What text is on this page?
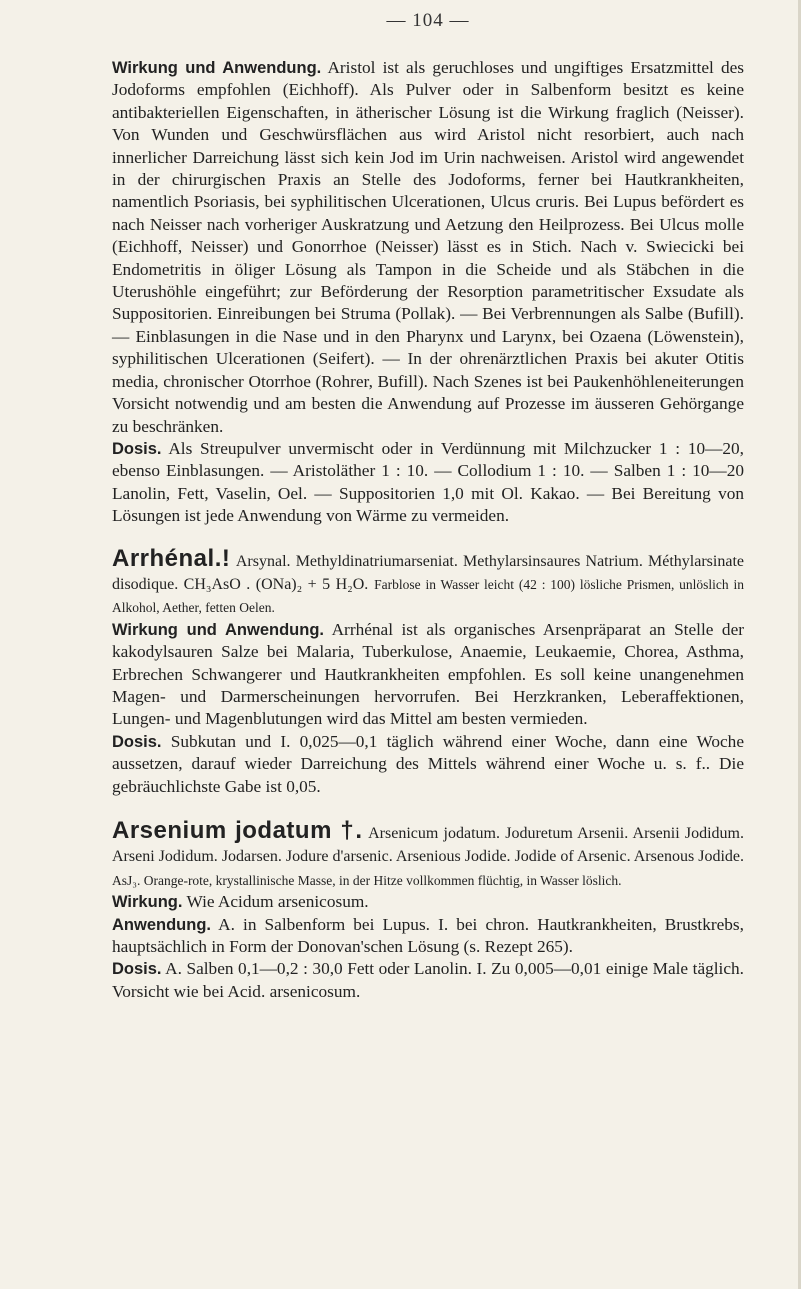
— 104 —

Wirkung und Anwendung. Aristol ist als geruchloses und ungiftiges Ersatzmittel des Jodoforms empfohlen (Eichhoff). Als Pulver oder in Salbenform besitzt es keine antibakteriellen Eigenschaften, in ätherischer Lösung ist die Wirkung fraglich (Neisser). Von Wunden und Geschwürsflächen aus wird Aristol nicht resorbiert, auch nach innerlicher Darreichung lässt sich kein Jod im Urin nachweisen. Aristol wird angewendet in der chirurgischen Praxis an Stelle des Jodoforms, ferner bei Hautkrankheiten, namentlich Psoriasis, bei syphilitischen Ulcerationen, Ulcus cruris. Bei Lupus befördert es nach Neisser nach vorheriger Auskratzung und Aetzung den Heilprozess. Bei Ulcus molle (Eichhoff, Neisser) und Gonorrhoe (Neisser) lässt es in Stich. Nach v. Swiecicki bei Endometritis in öliger Lösung als Tampon in die Scheide und als Stäbchen in die Uterushöhle eingeführt; zur Beförderung der Resorption parametritischer Exsudate als Suppositorien. Einreibungen bei Struma (Pollak). — Bei Verbrennungen als Salbe (Bufill). — Einblasungen in die Nase und in den Pharynx und Larynx, bei Ozaena (Löwenstein), syphilitischen Ulcerationen (Seifert). — In der ohrenärztlichen Praxis bei akuter Otitis media, chronischer Otorrhoe (Rohrer, Bufill). Nach Szenes ist bei Paukenhöhleneiterungen Vorsicht notwendig und am besten die Anwendung auf Prozesse im äusseren Gehörgange zu beschränken.

Dosis. Als Streupulver unvermischt oder in Verdünnung mit Milchzucker 1 : 10—20, ebenso Einblasungen. — Aristoläther 1 : 10. — Collodium 1 : 10. — Salben 1 : 10—20 Lanolin, Fett, Vaselin, Oel. — Suppositorien 1,0 mit Ol. Kakao. — Bei Bereitung von Lösungen ist jede Anwendung von Wärme zu vermeiden.

Arrhénal.! Arsynal. Methyldinatriumarseniat. Methylarsinsaures Natrium. Méthylarsinate disodique. CH₃AsO . (ONa)₂ + 5 H₂O. Farblose in Wasser leicht (42 : 100) lösliche Prismen, unlöslich in Alkohol, Aether, fetten Oelen.

Wirkung und Anwendung. Arrhénal ist als organisches Arsenpräparat an Stelle der kakodylsauren Salze bei Malaria, Tuberkulose, Anaemie, Leukaemie, Chorea, Asthma, Erbrechen Schwangerer und Hautkrankheiten empfohlen. Es soll keine unangenehmen Magen- und Darmerscheinungen hervorrufen. Bei Herzkranken, Leberaffektionen, Lungen- und Magenblutungen wird das Mittel am besten vermieden.

Dosis. Subkutan und I. 0,025—0,1 täglich während einer Woche, dann eine Woche aussetzen, darauf wieder Darreichung des Mittels während einer Woche u. s. f.. Die gebräuchlichste Gabe ist 0,05.

Arsenium jodatum †. Arsenicum jodatum. Joduretum Arsenii. Arsenii Jodidum. Arseni Jodidum. Jodarsen. Jodure d'arsenic. Arsenious Jodide. Jodide of Arsenic. Arsenous Jodide. AsJ₃. Orange-rote, krystallinische Masse, in der Hitze vollkommen flüchtig, in Wasser löslich.

Wirkung. Wie Acidum arsenicosum.

Anwendung. A. in Salbenform bei Lupus. I. bei chron. Hautkrankheiten, Brustkrebs, hauptsächlich in Form der Donovan'schen Lösung (s. Rezept 265).

Dosis. A. Salben 0,1—0,2 : 30,0 Fett oder Lanolin. I. Zu 0,005—0,01 einige Male täglich. Vorsicht wie bei Acid. arsenicosum.
